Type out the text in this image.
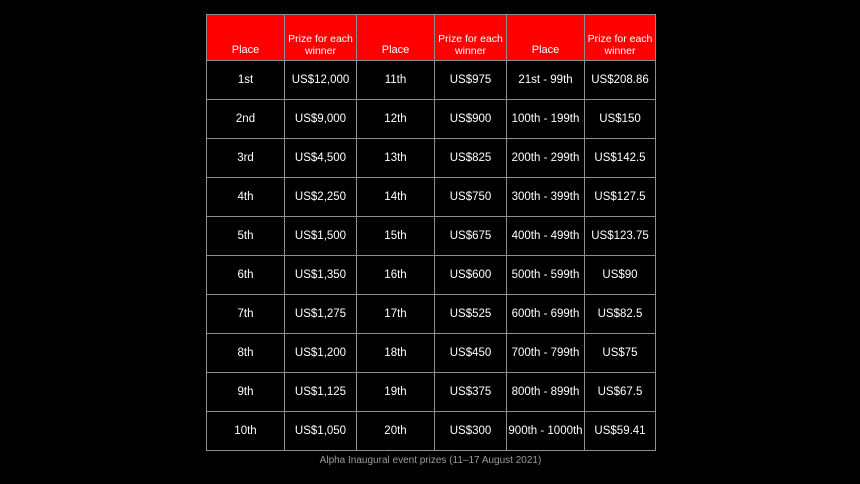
Place	Prize for each winner	Place	Prize for each winner	Place	Prize for each winner
1st	US$12,000	11th	US$975	21st - 99th	US$208.86
2nd	US$9,000	12th	US$900	100th - 199th	US$150
3rd	US$4,500	13th	US$825	200th - 299th	US$142.5
4th	US$2,250	14th	US$750	300th - 399th	US$127.5
5th	US$1,500	15th	US$675	400th - 499th	US$123.75
6th	US$1,350	16th	US$600	500th - 599th	US$90
7th	US$1,275	17th	US$525	600th - 699th	US$82.5
8th	US$1,200	18th	US$450	700th - 799th	US$75
9th	US$1,125	19th	US$375	800th - 899th	US$67.5
10th	US$1,050	20th	US$300	900th - 1000th	US$59.41
Alpha Inaugural event prizes (11–17 August 2021)
